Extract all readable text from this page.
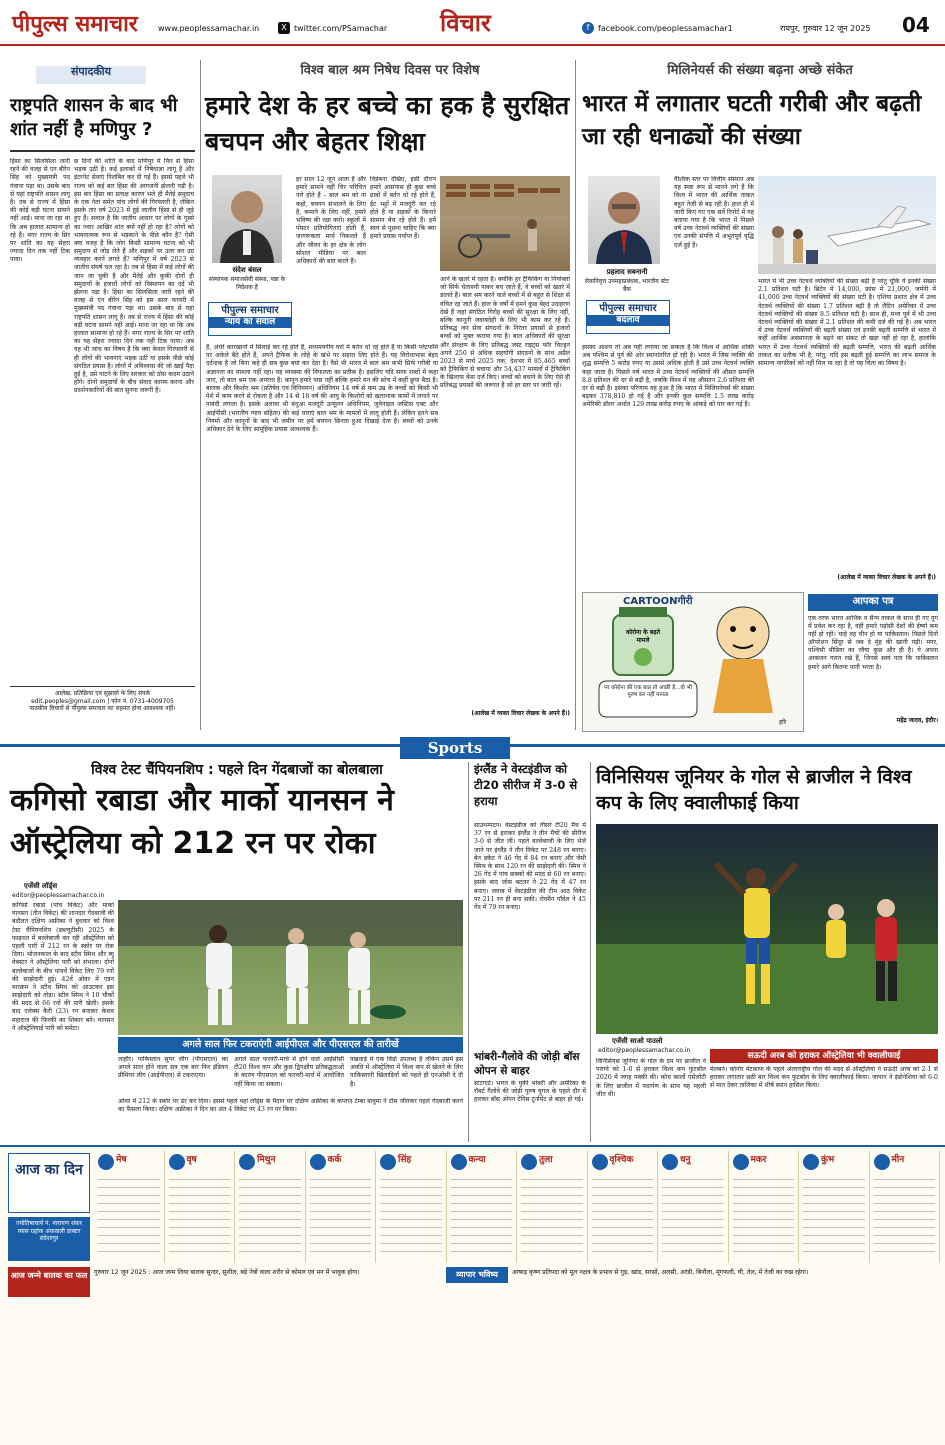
पीपुल्स समाचार	www.peoplessamachar.in	X twitter.com/PSamachar विचार	f	facebook.com/peoplessamachar1	रायपुर, गुरुवार 12 जून 2025 04
संपादकीय
राष्ट्रपति शासन के बाद भी शांत नहीं है मणिपुर ?
हिंसा का सिलसिला जारी रहने की वजह से एन बीरेन सिंह को मुख्यमंत्री पद गंवाना पड़ा था। उसके बाद से यहां राष्ट्रपति शासन लागू है। तब से राज्य में हिंसा की कोई बड़ी घटना सामने नहीं आई। माना जा रहा था कि अब हालात सामान्य हो रहे हैं। मगर राज्य के सिर पर शांति का यह सेहरा ज्यादा दिन तक नहीं टिक पाया।
छ दिनों की शांति के बाद मणिपुर में फिर से हिंसा भड़क उठी है। कई इलाकों में निषेधाज्ञा लागू है और इंटरनेट सेवाएं निलंबित कर दी गई हैं। इससे पहले भी राज्य को कई बार हिंसा की आगजनी झेलनी पड़ी है। इस बार हिंसा का प्रत्यक्ष कारण भले ही मैतेई समुदाय के एक नेता समेत पांच लोगों की गिरफ्तारी है, लेकिन इसके तार वर्ष 2023 में हुई जातीय हिंसा से ही जुड़े हुए हैं। सवाल है कि जातीय आधार पर लोगों के गुस्से का ज्वार आखिर शांत क्यों नहीं हो रहा है? लोगों को भावनात्मक रूप से भड़काने के पीछे कौन है? ऐसी क्या वजह है कि लोग किसी सामान्य घटना को भी समुदाय से जोड़ लेते हैं और सड़कों पर उतर कर उग्र व्यवहार करने लगते हैं? मणिपुर में वर्ष 2023 से जातीय संघर्ष चल रहा है। तब से हिंसा में कई लोगों की जान जा चुकी है और मैतेई और कुकी दोनों ही समुदायों के हजारों लोगों को विस्थापन का दर्द भी झेलना पड़ा है। हिंसा का सिलसिला जारी रहने की वजह से एन बीरेन सिंह को इस साल फरवरी में मुख्यमंत्री पद गंवाना पड़ा था। उसके बाद से यहां राष्ट्रपति शासन लागू है। तब से राज्य में हिंसा की कोई बड़ी घटना सामने नहीं आई। माना जा रहा था कि अब हालात सामान्य हो रहे हैं। मगर राज्य के सिर पर शांति का यह सेहरा ज्यादा दिन तक नहीं टिक पाया। अब यह भी जांच का विषय है कि क्या केवल गिरफ्तारी से ही लोगों की भावनाएं भड़क उठीं या इसके पीछे कोई संगठित प्रयास है। लोगों में अविश्वास की जो खाई पैदा हुई है, उसे पाटने के लिए सरकार को ठोस कदम उठाने होंगे। दोनों समुदायों के बीच संवाद कायम करना और प्रदर्शनकारियों की बात सुनना जरूरी है।
आलेख, प्रतिक्रिया एवं सुझावों के लिए संपर्क
edit.peoples@gmail.com | फोन नं. 0731-4009705
पाठकीय विचारों से पीपुल्स समाचार का सहमत होना आवश्यक नहीं।
विश्व बाल श्रम निषेध दिवस पर विशेष
हमारे देश के हर बच्चे का हक है सुरक्षित बचपन और बेहतर शिक्षा
संदेश बंसल
संस्थापक समाजसेवी संस्था, पन्ना के निदेशक हैं
पीपुल्स समाचार
न्याय का सवाल
हर साल 12 जून आता है और हमारे सामने वही चिर परिचित नारे होते हैं – बाल श्रम को ना कहो, बचपन संभालने के लिए है, कमाने के लिए नहीं, हमारे भविष्य की रक्षा करो। स्कूलों में पोस्टर प्रतियोगिताएं होती हैं, जागरूकता मार्च निकलते हैं और जीवन के हर क्षेत्र के लोग सोशल मीडिया पर बाल अधिकारों की बात करते हैं।
विडंबना देखिए, इसी दौरान हमारे आसपास ही कुछ बच्चे ढाबों में बर्तन धो रहे होते हैं, ईंट भट्टों में मजदूरी कर रहे होते हैं या सड़कों के किनारे सामान बेच रहे होते हैं। हमें स्वयं से पूछना चाहिए कि क्या हमारे प्रयास पर्याप्त हैं।
हैं, अंधेरे कारखानों में सिलाई कर रहे होते हैं, मध्यमवर्गीय घरों में बर्तन धो रहे होते हैं या किसी प्लेटफॉर्म पर अकेले बैठे होते हैं, अपने ट्रैफिक के लोहे के खंभे पर सहारा लिए होते हैं। यह विरोधाभास बेहद दर्दनाक है जो बिना कहे ही सब कुछ बयां कर देता है। वैसे भी भारत में बाल श्रम कभी सिर्फ गरीबी या अज्ञानता का मामला नहीं रहा। यह व्यवस्था की विफलता का प्रतीक है। इसलिए यदि साफ शब्दों में कहा जाए, तो बाल श्रम एक अपराध है। कानून हमारे पास नहीं बल्कि हमारे मन की सोच में कहीं छुपा बैठा है। बालक और किशोर श्रम (प्रतिषेध एवं विनियमन) अधिनियम 14 वर्ष से कम उम्र के बच्चों को किसी भी पेशे में काम करने से रोकता है और 14 से 18 वर्ष की आयु के किशोरों को खतरनाक कामों में लगाने पर पाबंदी लगाता है। इसके अलावा भी बंधुआ मजदूरी उन्मूलन अधिनियम, जुवेनाइल जस्टिस एक्ट और आईपीसी (भारतीय न्याय संहिता) की कई धाराएं बाल श्रम के मामलों में लागू होती हैं। लेकिन इतने सब नियमों और कानूनों के बाद भी जमीन पर हमें बचपन छिनता हुआ दिखाई देता है। बच्चों को उनके अधिकार देने के लिए सामूहिक प्रयास आवश्यक हैं।
आने के खतरे में रहता है। क्योंकि हर ट्रैफिकिंग या नियोक्ता जो सिर्फ चेतावनी पाकर बच जाते हैं, वे बच्चों को खतरे में डालते हैं। बाल श्रम करने वाले बच्चों में से बहुत से शिक्षा से वंचित रह जाते हैं। हाल के वर्षों में हमने कुछ बेहद उदाहरण देखे हैं जहां संगठित गिरोह बच्चों की सुरक्षा के लिए नहीं, बल्कि कानूनी जवाबदेही के लिए भी काम कर रहे हैं। प्रतिबद्ध जन सेवा संगठनों के निरंतर प्रयासों से हजारों बच्चों को मुक्त कराया गया है। बाल अधिकारों की सुरक्षा और संरक्षण के लिए प्रतिबद्ध जस्ट राइट्स फॉर चिल्ड्रन अपने 250 से अधिक सहयोगी संगठनों के साथ अप्रैल 2023 से मार्च 2025 तक, देशभर में 85,465 बच्चों को ट्रैफिकिंग से बचाया और 54,437 मामलों में ट्रैफिकिंग के खिलाफ केस दर्ज किए। बच्चों को बचाने के लिए ऐसे ही प्रतिबद्ध प्रयासों की जरूरत है जो हर स्तर पर जारी रहें।
(आलेख में व्यक्त विचार लेखक के अपने हैं।)
मिलिनेयर्स की संख्या बढ़ना अच्छे संकेत
भारत में लगातार घटती गरीबी और बढ़ती जा रही धनाढ्यों की संख्या
प्रहलाद सबनानी
सेवानिवृत्त उपमहाप्रबंधक, भारतीय स्टेट बैंक
पीपुल्स समाचार
बदलाव
वैश्विक स्तर पर वित्तीय संस्थान अब यह स्पष्ट रूप से मानने लगे हैं कि विश्व में भारत की आर्थिक ताकत बहुत तेजी से बढ़ रही है। हाल ही में जारी किए गए एक सर्वे रिपोर्ट में यह बताया गया है कि भारत में पिछले वर्ष उच्च नेटवर्थ व्यक्तियों की संख्या एवं उनकी संपत्ति में अभूतपूर्व वृद्धि दर्ज हुई है।
इसका आशय तो अब यही लगाया जा सकता है कि विश्व में आर्थिक शक्ति अब पश्चिम से पूर्व की ओर स्थानांतरित हो रही है। भारत में जिस व्यक्ति की शुद्ध सम्पत्ति 5 करोड़ रुपए या उससे अधिक होती है उसे उच्च नेटवर्थ व्यक्ति कहा जाता है। पिछले वर्ष भारत में उच्च नेटवर्थ व्यक्तियों की औसत सम्पत्ति 8.8 प्रतिशत की दर से बढ़ी है, जबकि विश्व में यह औसतन 2.6 प्रतिशत की दर से बढ़ी है। इसका परिणाम यह हुआ है कि भारत में मिलियनेयर्स की संख्या बढ़कर 378,810 हो गई है और इनकी कुल सम्पत्ति 1.5 लाख करोड़ अमेरिकी डॉलर अर्थात 129 लाख करोड़ रुपए के आंकड़े को पार कर गई है।
भारत में भी उच्च नेटवर्थ व्यक्तियों की संख्या बढ़ी है परंतु चूंकि ये इनकी संख्या 2.1 प्रतिशत घटी है। ब्रिटेन में 14,000, फ्रांस में 21,000, जर्मनी में 41,000 उच्च नेटवर्थ व्यक्तियों की संख्या घटी है। एशिया प्रशांत क्षेत्र में उच्च नेटवर्थ व्यक्तियों की संख्या 1.7 प्रतिशत बढ़ी है तो लैटिन अमेरिका में उच्च नेटवर्थ व्यक्तियों की संख्या 8.5 प्रतिशत घटी है। साथ ही, मध्य पूर्व में भी उच्च नेटवर्थ व्यक्तियों की संख्या में 2.1 प्रतिशत की कमी दर्ज की गई है। अब भारत में उच्च नेटवर्थ व्यक्तियों की बढ़ती संख्या एवं इनकी बढ़ती सम्पत्ति से भारत में कहीं आर्थिक असमानता के बढ़ने का संकट तो खड़ा नहीं हो रहा है, हालांकि भारत में उच्च नेटवर्थ व्यक्तियों की बढ़ती सम्पत्ति, भारत की बढ़ती आर्थिक ताकत का प्रतीक भी है, परंतु, यदि इस बढ़ती हुई सम्पत्ति का लाभ समाज के सामान्य नागरिकों को नहीं मिल पा रहा है तो यह चिंता का विषय है।
(आलेख में व्यक्त विचार लेखक के अपने हैं।)
CARTOONगीरी
कोरोना के बढ़ते मामले
पर कोरोना की एक बात तो अच्छी है...वो भी पुरुष कर नहीं मानता
हरि
आपका पत्र
एक तरफ भारत आर्थिक व सैन्य ताकत के साथ ही नए युग में प्रवेश कर रहा है, वहीं हमारे पड़ोसी देशों की ईर्ष्या कम नहीं हो रही। चाहे वह चीन हो या पाकिस्तान। पिछले दिनों ऑपरेशन सिंदूर से जब दे मुंह की खानी पड़ी। मगर, पश्चिमी मीडिया का रवैया कुछ और ही है। ये अपना आकलन गलत रखे हैं, जिनसे स्वयं पता कि पाकिस्तान हमारे आगे कितना पानी भरता है।
महेंद्र जादव, इंदौर।
Sports
विश्व टेस्ट चैंपियनशिप : पहले दिन गेंदबाजों का बोलबाला
कगिसो रबाडा और मार्को यानसन ने ऑस्ट्रेलिया को 212 रन पर रोका
एजेंसी लॉर्ड्स
editor@peoplessamachar.co.in
कगिसो रबाडा (पांच विकेट) और मार्को यानसन (तीन विकेट) की शानदार गेंदबाजी की बदौलत दक्षिण अफ्रीका ने बुधवार को विश्व टेस्ट चैंपियनशिप (डब्ल्यूटीसी) 2025 के फाइनल में बल्लेबाजी कर रही ऑस्ट्रेलिया को पहली पारी में 212 रन के स्कोर पर रोक दिया। भोजनकाल के बाद स्टीव स्मिथ और ब्यू वेबस्टर ने ऑस्ट्रेलिया पारी को संभाला। दोनों बल्लेबाजों के बीच पांचवें विकेट लिए 79 रनों की साझेदारी हुई। 42वें ओवर में एडन मारक्रम ने स्टीव स्मिथ को आउटकर इस साझेदारी को तोड़ा। स्टीव स्मिथ ने 10 चौकों की मदद से 66 रनों की पारी खेली। इसके बाद एलेक्स कैरी (23) रन बनाकर केशव महाराज की फिरकी का शिकार बने। यानसन ने ऑस्ट्रेलियाई पारी को समेटा।
अगले साल फिर टकराएंगी आईपीएल और पीएसएल की तारीखें
लाहौर। पाकिस्तान सुपर लीग (पीएसएल) का अगले साल होने वाला सत्र एक बार फिर इंडियन प्रीमियर लीग (आईपीएल) से टकराएगा।
अगले साल फरवरी-मार्च में होने वाले आईसीसी टी20 विश्व कप और कुछ द्विपक्षीय प्रतिबद्धताओं के कारण पीएसएल को फरवरी-मार्च में आयोजित नहीं किया जा सकता।
पखवाड़े में एक विंडो उपलब्ध है लेकिन उसमें इस अवधि में ऑस्ट्रेलिया में विश्व कप से खेलने के लिए पाकिस्तानी खिलाड़ियों को पहले ही एनओसी दे दी है।
ओवर में 212 के स्कोर पर ढेर कर दिया। इससे पहले वहां लॉर्ड्स के मैदान पर दक्षिण अफ्रीका के कप्तान टेम्बा बावुमा ने टॉस जीतकर पहले गेंदबाजी करने का फैसला किया। दक्षिण अफ्रीका ने दिन का अंत 4 विकेट पर 43 रन पर किया।
इंग्लैंड ने वेस्टइंडीज को टी20 सीरीज में 3-0 से हराया
साउथम्पटन। वेस्टइंडीज को तीसरे टी20 मैच में 37 रन से हराकर इंग्लैंड ने तीन मैचों की सीरीज 3-0 से जीत ली। पहले बल्लेबाजी के लिए भेजे जाने पर इंग्लैंड ने तीन विकेट पर 248 रन बनाए। बेन डकेट ने 46 गेंद में 84 रन बनाए और जेमी स्मिथ के साथ 120 रन की साझेदारी की। स्मिथ ने 26 गेंद में पांच छक्कों की मदद से 60 रन बनाए। इसके बाद जोस बटलर ने 22 गेंद में 47 रन बनाए। जवाब में वेस्टइंडीज की टीम आठ विकेट पर 211 रन ही बना सकी। रोवमैन पॉवेल ने 45 गेंद में 79 रन बनाए।
भांबरी-गैलोवे की जोड़ी बॉस ओपन से बाहर
स्टटगार्ट। भारत के युकी भांबरी और अमेरिका के रॉबर्ट गैलोवे की जोड़ी पुरुष युगल के पहले दौर में हारकर बॉस ओपन टेनिस टूर्नामेंट से बाहर हो गई।
विनिसियस जूनियर के गोल से ब्राजील ने विश्व कप के लिए क्वालीफाई किया
एजेंसी साओ पाउलो
editor@peoplessamachar.co.in
विनिसियस जूनियर के गोल के दम पर ब्राजील ने पराग्वे को 1-0 से हराकर विश्व कप फुटबॉल 2026 में जगह पक्की की। कोच कार्लो एंसेलोटी के लिए ब्राजील में पदार्पण के साथ यह पहली जीत थी।
सऊदी अरब को हराकर ऑस्ट्रेलिया भी क्वालीफाई
मेलबर्न। कोनोर मेटकाफ के पहले अंतरराष्ट्रीय गोल की मदद से ऑस्ट्रेलिया ने सऊदी अरब को 2-1 से हराकर लगातार छठी बार विश्व कप फुटबॉल के लिए क्वालीफाई किया। जापान ने इंडोनेशिया को 6-0 से मात देकर तालिका में शीर्ष स्थान हासिल किया।
आज का दिन
ज्योतिषाचार्य पं. नारायण शंकर व्यास ग्रहांक अंकवाली डाक्टर संदेशापुर
मेष	वृष	मिथुन	कर्क	सिंह	कन्या	तुला	वृश्चिक	धनु	मकर	कुंभ	मीन
आज जन्मे बालक का फल	गुरुवार 12 जून 2025 : आज जन्म लिया बालक सुन्दर, सुशील, बड़े नेत्रों वाला शरीर से कोमल एवं मन में भावुक होगा।	व्यापार भविष्य	आषाढ़ कृष्ण प्रतिपदा को मूल नक्षत्र के प्रभाव से गुड़, खांड, सरसों, अलसी, अरंडी, बिनौला, मूंगफली, घी, तेल, में तेजी का रुख रहेगा।
